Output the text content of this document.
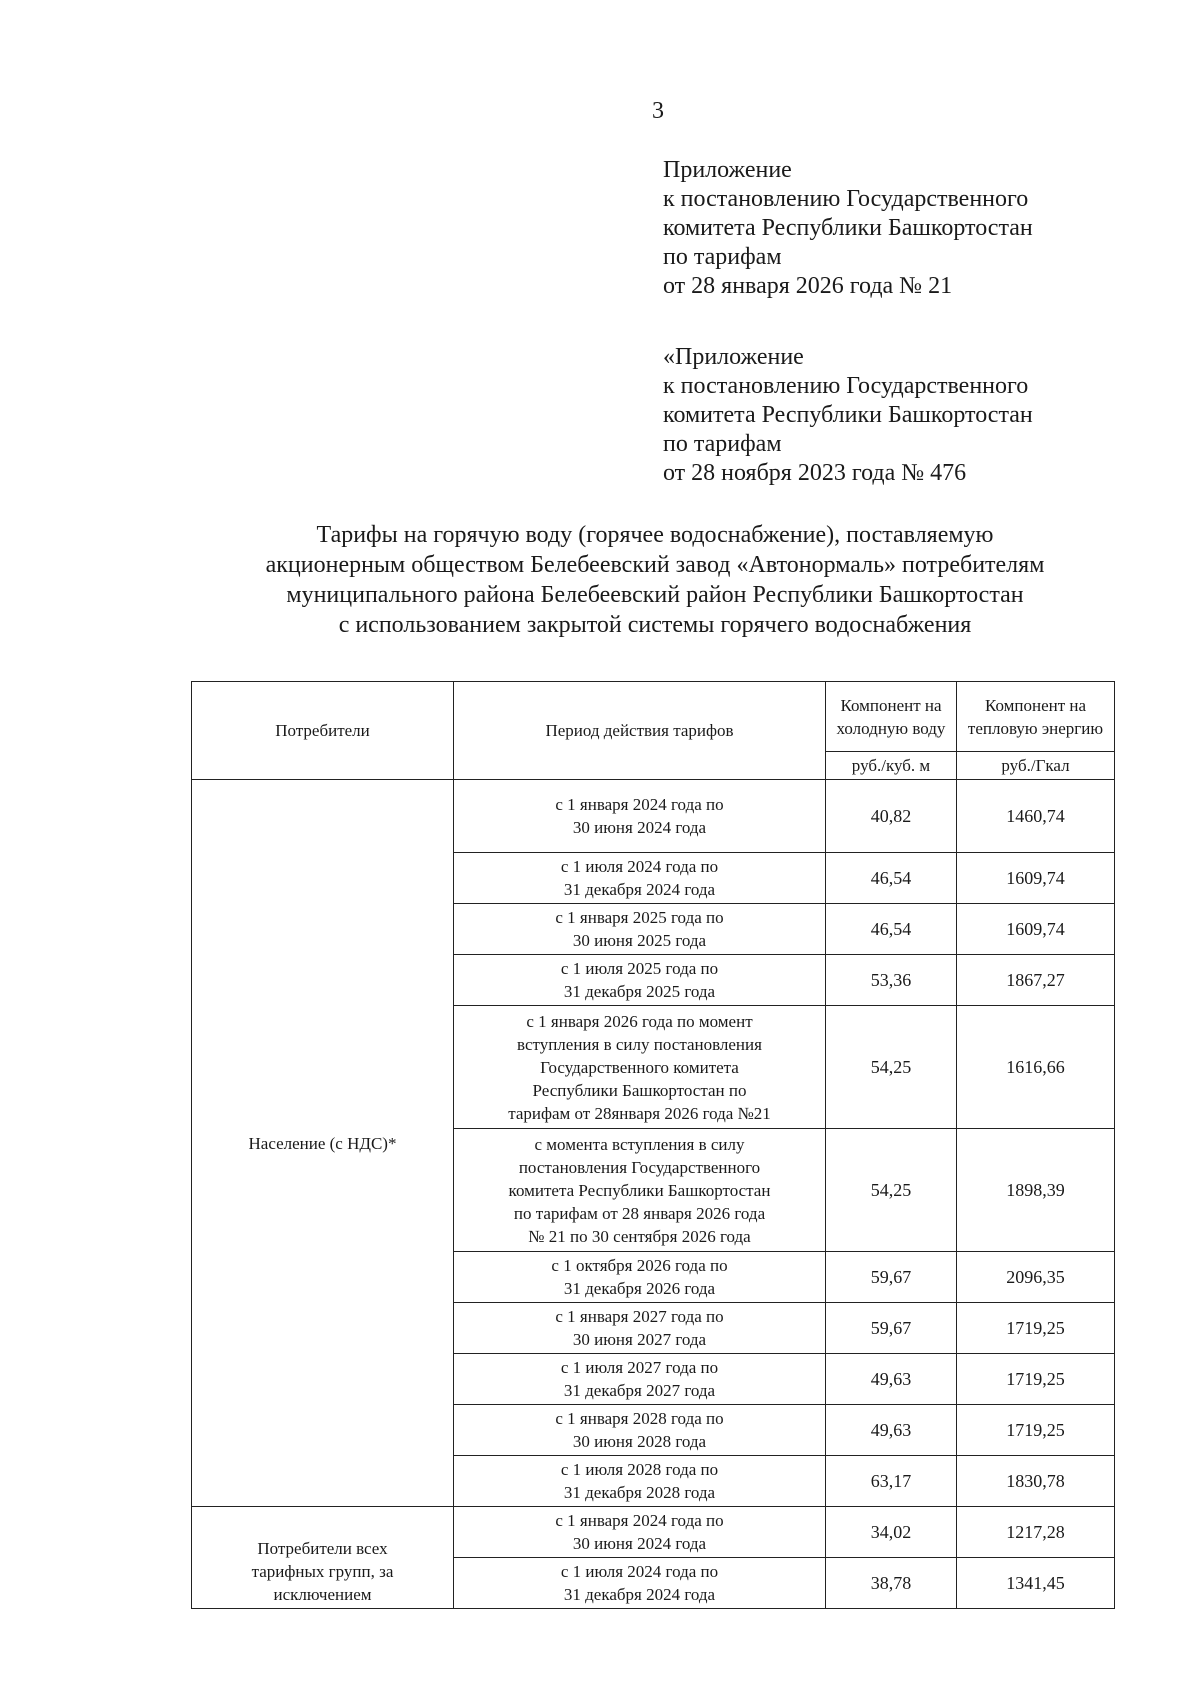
3
Приложение
к постановлению Государственного
комитета Республики Башкортостан
по тарифам
от 28 января 2026 года № 21
«Приложение
к постановлению Государственного
комитета Республики Башкортостан
по тарифам
от 28 ноября 2023 года № 476
Тарифы на горячую воду (горячее водоснабжение), поставляемую
акционерным обществом Белебеевский завод «Автонормаль» потребителям
муниципального района Белебеевский район Республики Башкортостан
с использованием закрытой системы горячего водоснабжения
Потребители	Период действия тарифов	Компонент на холодную воду	Компонент на тепловую энергию
		руб./куб. м	руб./Гкал
Население (с НДС)*	с 1 января 2024 года по
30 июня 2024 года	40,82	1460,74

	с 1 июля 2024 года по
31 декабря 2024 года	46,54	1609,74

	с 1 января 2025 года по
30 июня 2025 года	46,54	1609,74

	с 1 июля 2025 года по
31 декабря 2025 года	53,36	1867,27

	с 1 января 2026 года по момент
вступления в силу постановления
Государственного комитета
Республики Башкортостан по
тарифам от 28января 2026 года №21	54,25	1616,66

	с момента вступления в силу
постановления Государственного
комитета Республики Башкортостан
по тарифам от 28 января 2026 года
№ 21 по 30 сентября 2026 года	54,25	1898,39

	с 1 октября 2026 года по
31 декабря 2026 года	59,67	2096,35

	с 1 января 2027 года по
30 июня 2027 года	59,67	1719,25

	с 1 июля 2027 года по
31 декабря 2027 года	49,63	1719,25

	с 1 января 2028 года по
30 июня 2028 года	49,63	1719,25

	с 1 июля 2028 года по
31 декабря 2028 года	63,17	1830,78
Потребители всех тарифных групп, за исключением	с 1 января 2024 года по
30 июня 2024 года	34,02	1217,28

	с 1 июля 2024 года по
31 декабря 2024 года	38,78	1341,45
